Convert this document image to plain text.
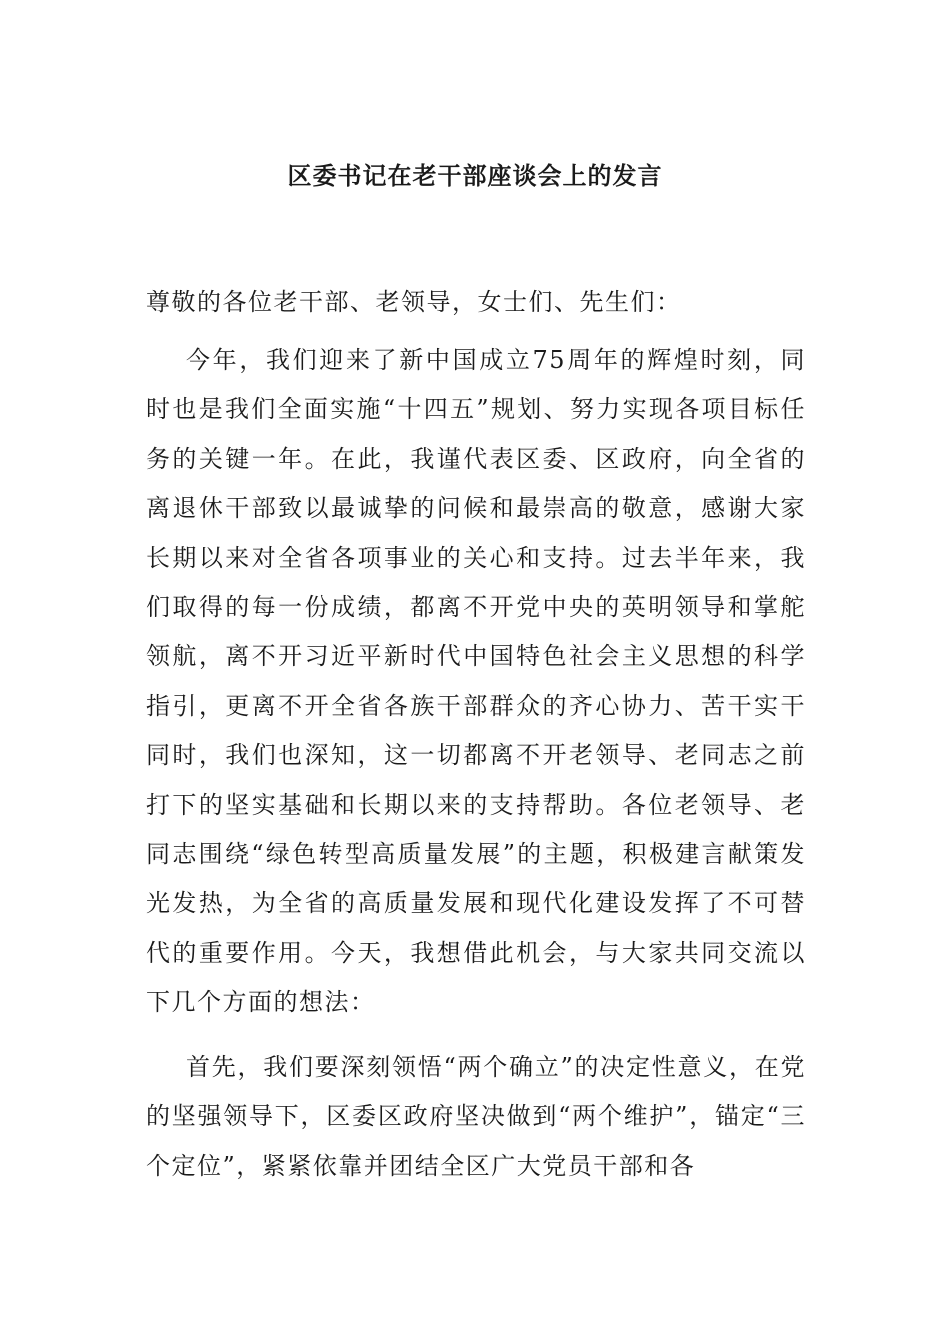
区委书记在老干部座谈会上的发言

尊敬的各位老干部、老领导，女士们、先生们：

今年，我们迎来了新中国成立75周年的辉煌时刻，同时也是我们全面实施“十四五”规划、努力实现各项目标任务的关键一年。在此，我谨代表区委、区政府，向全省的离退休干部致以最诚挚的问候和最崇高的敬意，感谢大家长期以来对全省各项事业的关心和支持。过去半年来，我们取得的每一份成绩，都离不开党中央的英明领导和掌舵领航，离不开习近平新时代中国特色社会主义思想的科学指引，更离不开全省各族干部群众的齐心协力、苦干实干同时，我们也深知，这一切都离不开老领导、老同志之前打下的坚实基础和长期以来的支持帮助。各位老领导、老同志围绕“绿色转型高质量发展”的主题，积极建言献策发光发热，为全省的高质量发展和现代化建设发挥了不可替代的重要作用。今天，我想借此机会，与大家共同交流以下几个方面的想法：

首先，我们要深刻领悟“两个确立”的决定性意义，在党的坚强领导下，区委区政府坚决做到“两个维护”，锚定“三个定位”，紧紧依靠并团结全区广大党员干部和各
